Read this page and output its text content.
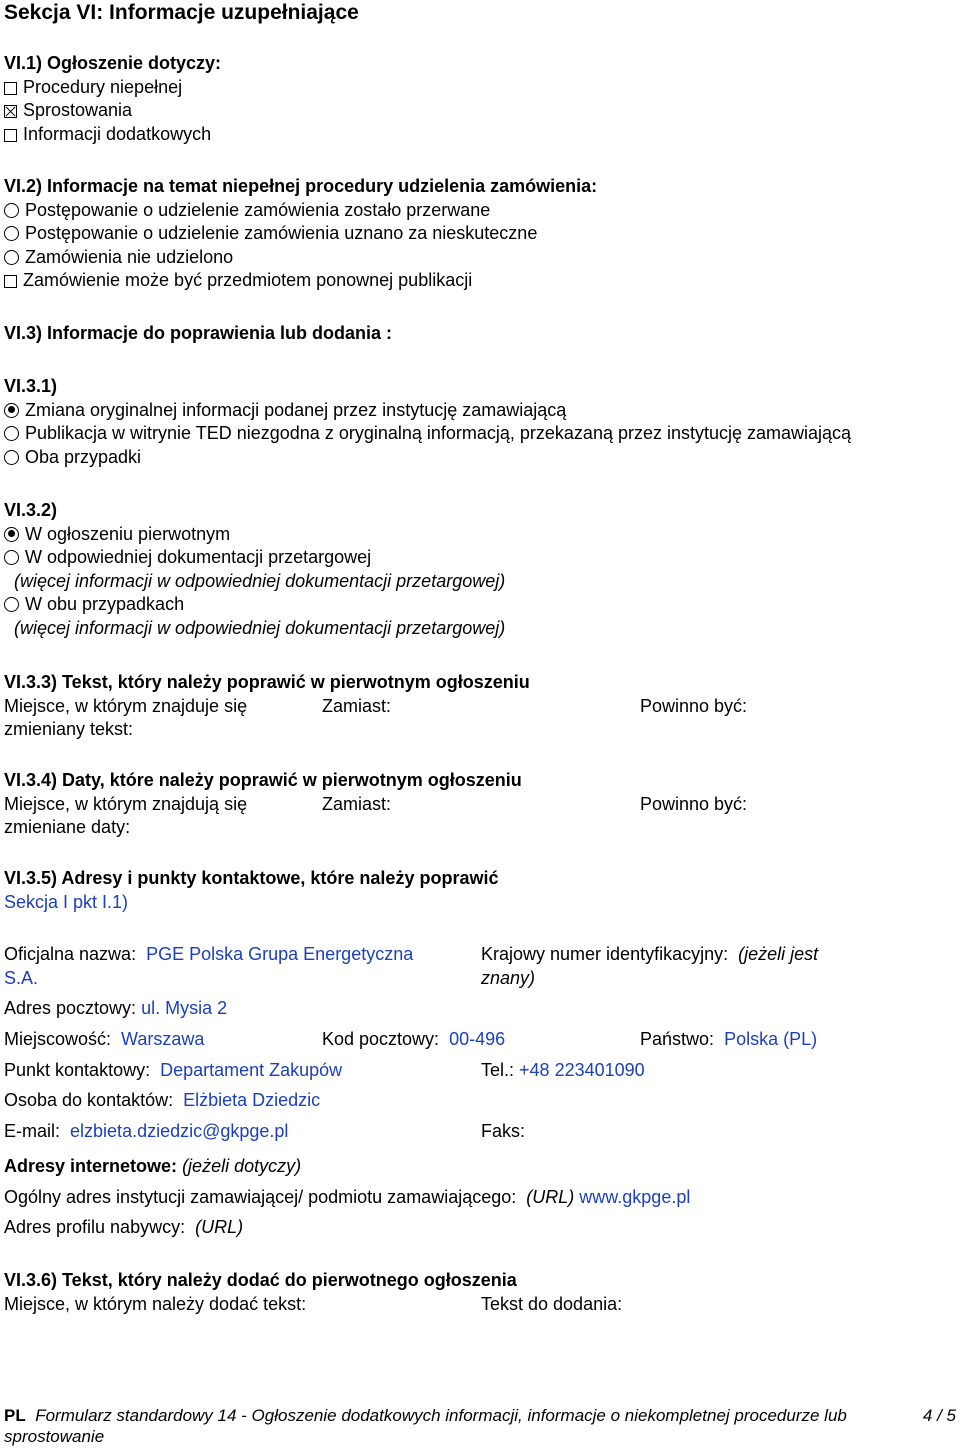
Sekcja VI: Informacje uzupełniające
VI.1) Ogłoszenie dotyczy:
Procedury niepełnej
Sprostowania
Informacji dodatkowych
VI.2) Informacje na temat niepełnej procedury udzielenia zamówienia:
Postępowanie o udzielenie zamówienia zostało przerwane
Postępowanie o udzielenie zamówienia uznano za nieskuteczne
Zamówienia nie udzielono
Zamówienie może być przedmiotem ponownej publikacji
VI.3) Informacje do poprawienia lub dodania :
VI.3.1)
Zmiana oryginalnej informacji podanej przez instytucję zamawiającą
Publikacja w witrynie TED niezgodna z oryginalną informacją, przekazaną przez instytucję zamawiającą
Oba przypadki
VI.3.2)
W ogłoszeniu pierwotnym
W odpowiedniej dokumentacji przetargowej
(więcej informacji w odpowiedniej dokumentacji przetargowej)
W obu przypadkach
(więcej informacji w odpowiedniej dokumentacji przetargowej)
VI.3.3) Tekst, który należy poprawić w pierwotnym ogłoszeniu
Miejsce, w którym znajduje się
zmieniany tekst:
Zamiast:	Powinno być:
VI.3.4) Daty, które należy poprawić w pierwotnym ogłoszeniu
Miejsce, w którym znajdują się
zmieniane daty:
Zamiast:	Powinno być:
VI.3.5) Adresy i punkty kontaktowe, które należy poprawić
Sekcja I pkt I.1)
Oficjalna nazwa: PGE Polska Grupa Energetyczna
S.A.
Krajowy numer identyfikacyjny: (jeżeli jest
znany)
Adres pocztowy: ul. Mysia 2
Miejscowość: Warszawa	Kod pocztowy: 00-496	Państwo: Polska (PL)
Punkt kontaktowy: Departament Zakupów	Tel.: +48 223401090
Osoba do kontaktów: Elżbieta Dziedzic
E-mail: elzbieta.dziedzic@gkpge.pl	Faks:
Adresy internetowe: (jeżeli dotyczy)
Ogólny adres instytucji zamawiającej/ podmiotu zamawiającego: (URL) www.gkpge.pl
Adres profilu nabywcy: (URL)
VI.3.6) Tekst, który należy dodać do pierwotnego ogłoszenia
Miejsce, w którym należy dodać tekst:	Tekst do dodania:
PL Formularz standardowy 14 - Ogłoszenie dodatkowych informacji, informacje o niekompletnej procedurze lub
sprostowanie
4 / 5
